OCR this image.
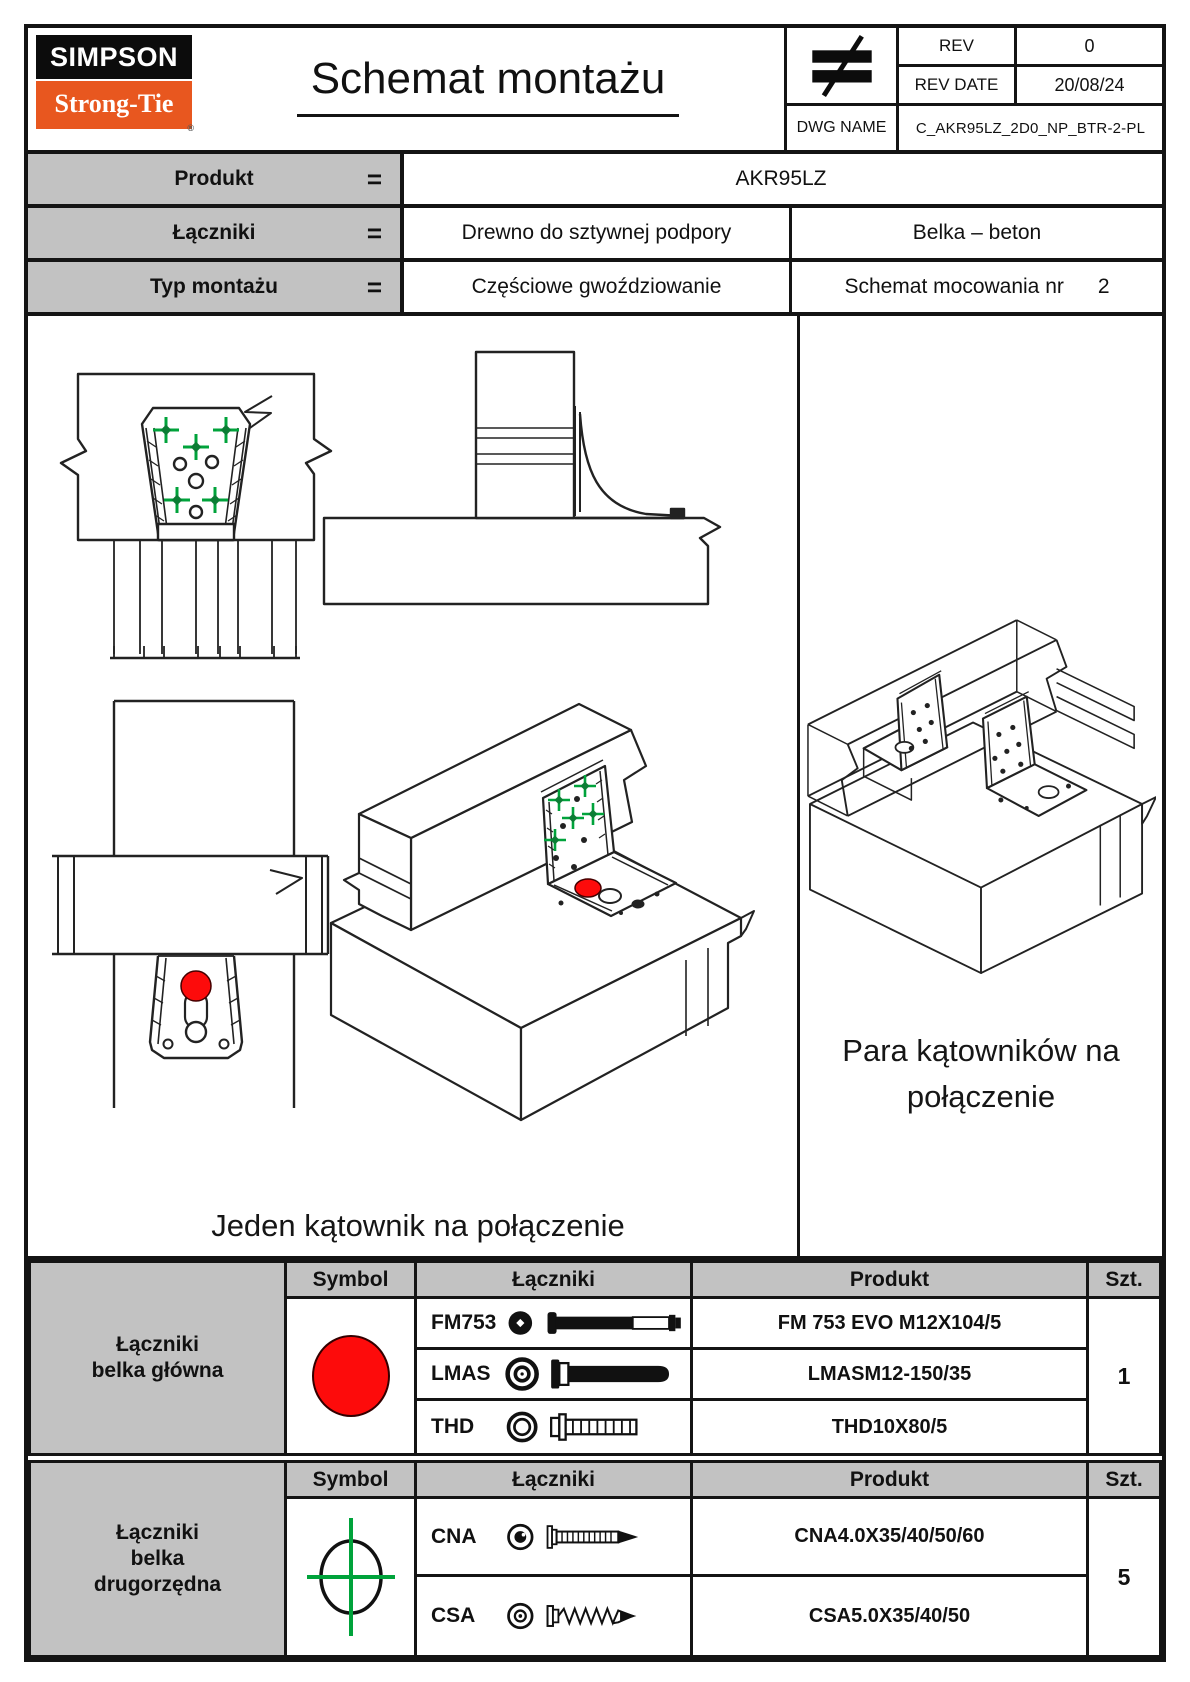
SIMPSON
Strong-Tie
®
Schemat montażu
REV	0
REV DATE	20/08/24
DWG NAME	C_AKR95LZ_2D0_NP_BTR-2-PL
Produkt	=	AKR95LZ
Łączniki	=	Drewno do sztywnej podpory	Belka – beton
Typ montażu	=	Częściowe gwoździowanie	Schemat mocowania nr 2
Jeden kątownik na połączenie
Para kątowników na
połączenie
Łączniki
belka główna
Symbol	Łączniki	Produkt	Szt.
FM753	FM 753 EVO M12X104/5
LMAS	LMASM12-150/35
THD	THD10X80/5
1
Łączniki
belka
drugorzędna
Symbol	Łączniki	Produkt	Szt.
CNA	CNA4.0X35/40/50/60
CSA	CSA5.0X35/40/50
5
